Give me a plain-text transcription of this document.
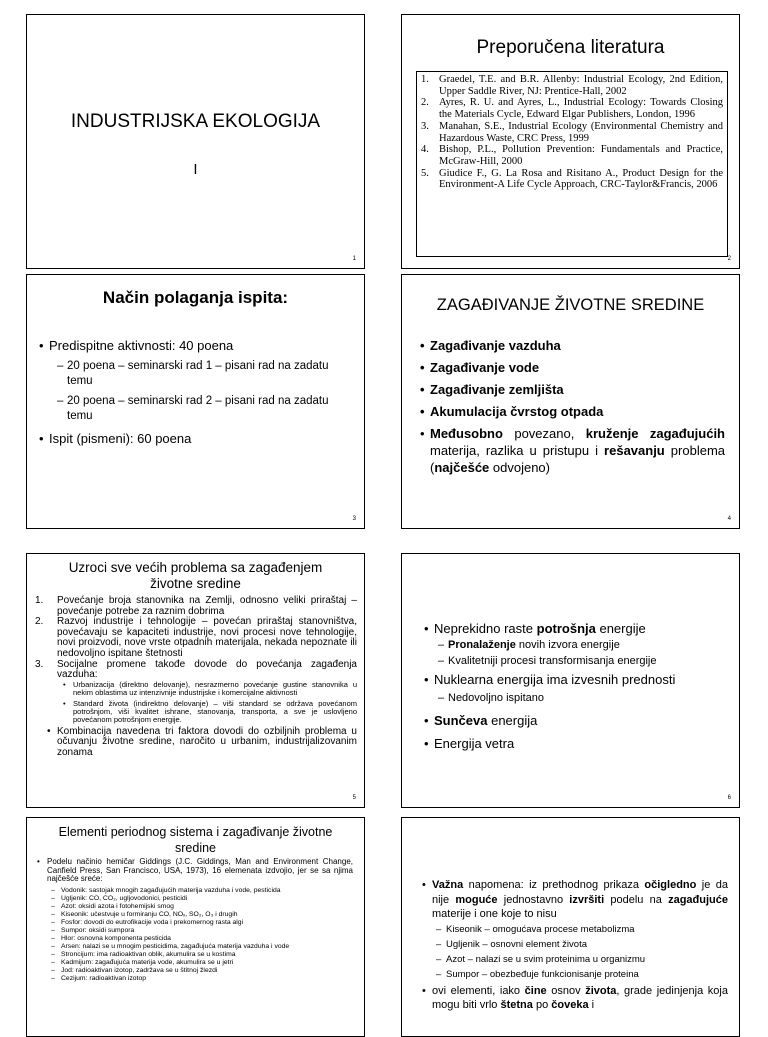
INDUSTRIJSKA EKOLOGIJA
I
1
Preporučena literatura
1. Graedel, T.E. and B.R. Allenby: Industrial Ecology, 2nd Edition, Upper Saddle River, NJ: Prentice-Hall, 2002
2. Ayres, R. U. and Ayres, L., Industrial Ecology: Towards Closing the Materials Cycle, Edward Elgar Publishers, London, 1996
3. Manahan, S.E., Industrial Ecology (Environmental Chemistry and Hazardous Waste, CRC Press, 1999
4. Bishop, P.L., Pollution Prevention: Fundamentals and Practice, McGraw-Hill, 2000
5. Giudice F., G. La Rosa and Risitano A., Product Design for the Environment-A Life Cycle Approach, CRC-Taylor&Francis, 2006
2
Način polaganja ispita:
• Predispitne aktivnosti: 40 poena
– 20 poena – seminarski rad 1 – pisani rad na zadatu temu
– 20 poena – seminarski rad 2 – pisani rad na zadatu temu
• Ispit (pismeni): 60 poena
3
ZAGAĐIVANJE ŽIVOTNE SREDINE
• Zagađivanje vazduha
• Zagađivanje vode
• Zagađivanje zemljišta
• Akumulacija čvrstog otpada
• Međusobno povezano, kruženje zagađujućih materija, razlika u pristupu i rešavanju problema (najčešće odvojeno)
4
Uzroci sve većih problema sa zagađenjem životne sredine
1. Povećanje broja stanovnika na Zemlji, odnosno veliki priraštaj – povećanje potrebe za raznim dobrima
2. Razvoj industrije i tehnologije – povećan priraštaj stanovništva, povećavaju se kapaciteti industrije, novi procesi nove tehnologije, novi proizvodi, nove vrste otpadnih materijala, nekada nepoznate ili nedovoljno ispitane štetnosti
3. Socijalne promene takođe dovode do povećanja zagađenja vazduha:
• Urbanizacija (direktno delovanje), nesrazmerno povećanje gustine stanovnika u nekim oblastima uz intenzivnije industrijske i komercijalne aktivnosti
• Standard života (indirektno delovanje) – viši standard se održava povećanom potrošnjom, viši kvalitet ishrane, stanovanja, transporta, a sve je uslovljeno povećanom potrošnjom energije.
• Kombinacija navedena tri faktora dovodi do ozbiljnih problema u očuvanju životne sredine, naročito u urbanim, industrijalizovanim zonama
5
• Neprekidno raste potrošnja energije
– Pronalaženje novih izvora energije
– Kvalitetniji procesi transformisanja energije
• Nuklearna energija ima izvesnih prednosti
– Nedovoljno ispitano
• Sunčeva energija
• Energija vetra
6
Elementi periodnog sistema i zagađivanje životne sredine
• Podelu načinio hemičar Giddings (J.C. Giddings, Man and Environment Change, Canfield Press, San Francisco, USA, 1973), 16 elemenata izdvojio, jer se sa njima najčešće sreće:
– Vodonik: sastojak mnogih zagađujućih materija vazduha i vode, pesticida
– Ugljenik: CO, CO₂, ugljovodonici, pesticidi
– Azot: oksidi azota i fotohemijski smog
– Kiseonik: učestvuje u formiranju CO, NOₓ, SO₂, O₃ i drugih
– Fosfor: dovodi do eutrofikacije voda i prekomernog rasta algi
– Sumpor: oksidi sumpora
– Hlor: osnovna komponenta pesticida
– Arsen: nalazi se u mnogim pesticidima, zagađujuća materija vazduha i vode
– Stroncijum: ima radioaktivan oblik, akumulira se u kostima
– Kadmijum: zagađujuća materija vode, akumulira se u jetri
– Jod: radioaktivan izotop, zadržava se u štitnoj žlezdi
– Cezijum: radioaktivan izotop
• Važna napomena: iz prethodnog prikaza očigledno je da nije moguće jednostavno izvršiti podelu na zagađujuće materije i one koje to nisu
– Kiseonik – omogućava procese metabolizma
– Ugljenik – osnovni element života
– Azot – nalazi se u svim proteinima u organizmu
– Sumpor – obezbeđuje funkcionisanje proteina
• ovi elementi, iako čine osnov života, grade jedinjenja koja mogu biti vrlo štetna po čoveka i
